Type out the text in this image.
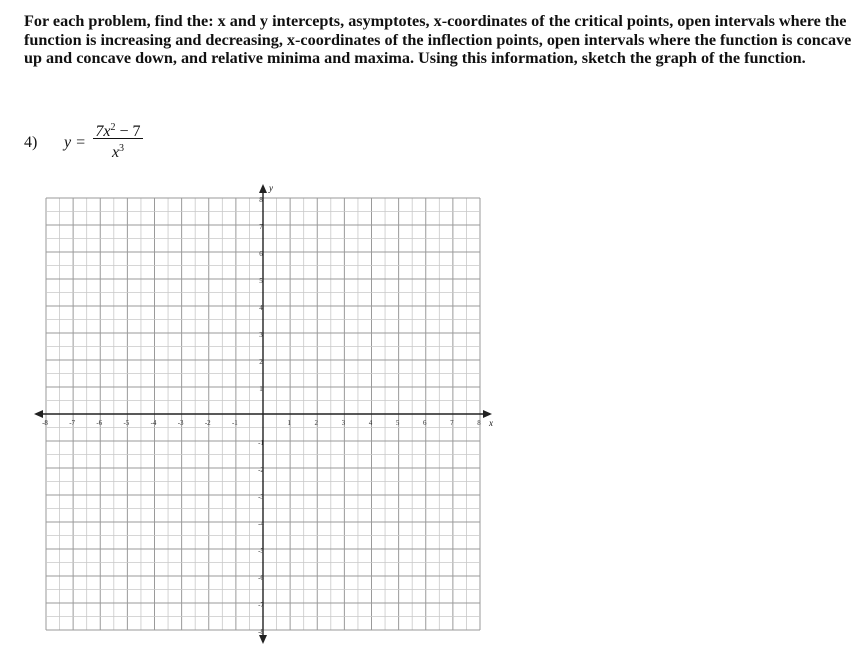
For each problem, find the: x and y intercepts, asymptotes, x-coordinates of the critical points, open intervals where the function is increasing and decreasing, x-coordinates of the inflection points, open intervals where the function is concave up and concave down, and relative minima and maxima. Using this information, sketch the graph of the function.

4) y =
$7x^2 - 7$
$x^3$
x
y
-8	-7	-6	-5	-4	-3	-2	-1	1	2	3	4	5	6	7	8
8
7
6
5
4
3
2
1
-1
-2
-3
-4
-5
-6
-7
-8
